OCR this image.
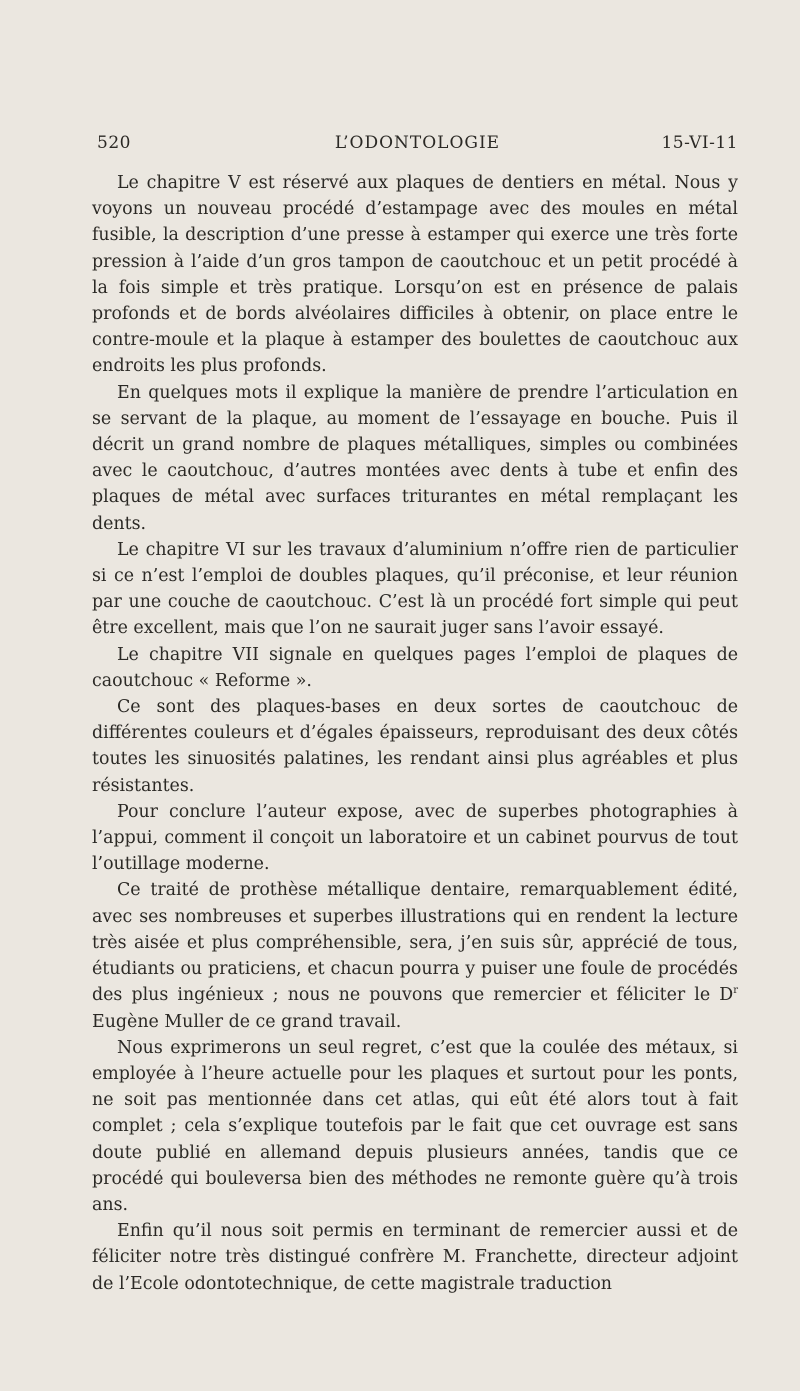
520	L’ODONTOLOGIE	15-VI-11

Le chapitre V est réservé aux plaques de dentiers en métal. Nous y voyons un nouveau procédé d’estampage avec des moules en métal fusible, la description d’une presse à estamper qui exerce une très forte pression à l’aide d’un gros tampon de caoutchouc et un petit procédé à la fois simple et très pratique. Lorsqu’on est en présence de palais profonds et de bords alvéolaires difficiles à obtenir, on place entre le contre-moule et la plaque à estamper des boulettes de caoutchouc aux endroits les plus profonds.

En quelques mots il explique la manière de prendre l’articulation en se servant de la plaque, au moment de l’essayage en bouche. Puis il décrit un grand nombre de plaques métalliques, simples ou combinées avec le caoutchouc, d’autres montées avec dents à tube et enfin des plaques de métal avec surfaces triturantes en métal remplaçant les dents.

Le chapitre VI sur les travaux d’aluminium n’offre rien de particulier si ce n’est l’emploi de doubles plaques, qu’il préconise, et leur réunion par une couche de caoutchouc. C’est là un procédé fort simple qui peut être excellent, mais que l’on ne saurait juger sans l’avoir essayé.

Le chapitre VII signale en quelques pages l’emploi de plaques de caoutchouc « Reforme ».

Ce sont des plaques-bases en deux sortes de caoutchouc de différentes couleurs et d’égales épaisseurs, reproduisant des deux côtés toutes les sinuosités palatines, les rendant ainsi plus agréables et plus résistantes.

Pour conclure l’auteur expose, avec de superbes photographies à l’appui, comment il conçoit un laboratoire et un cabinet pourvus de tout l’outillage moderne.

Ce traité de prothèse métallique dentaire, remarquablement édité, avec ses nombreuses et superbes illustrations qui en rendent la lecture très aisée et plus compréhensible, sera, j’en suis sûr, apprécié de tous, étudiants ou praticiens, et chacun pourra y puiser une foule de procédés des plus ingénieux ; nous ne pouvons que remercier et féliciter le $D^r$ Eugène Muller de ce grand travail.

Nous exprimerons un seul regret, c’est que la coulée des métaux, si employée à l’heure actuelle pour les plaques et surtout pour les ponts, ne soit pas mentionnée dans cet atlas, qui eût été alors tout à fait complet ; cela s’explique toutefois par le fait que cet ouvrage est sans doute publié en allemand depuis plusieurs années, tandis que ce procédé qui bouleversa bien des méthodes ne remonte guère qu’à trois ans.

Enfin qu’il nous soit permis en terminant de remercier aussi et de féliciter notre très distingué confrère M. Franchette, directeur adjoint de l’Ecole odontotechnique, de cette magistrale traduction
